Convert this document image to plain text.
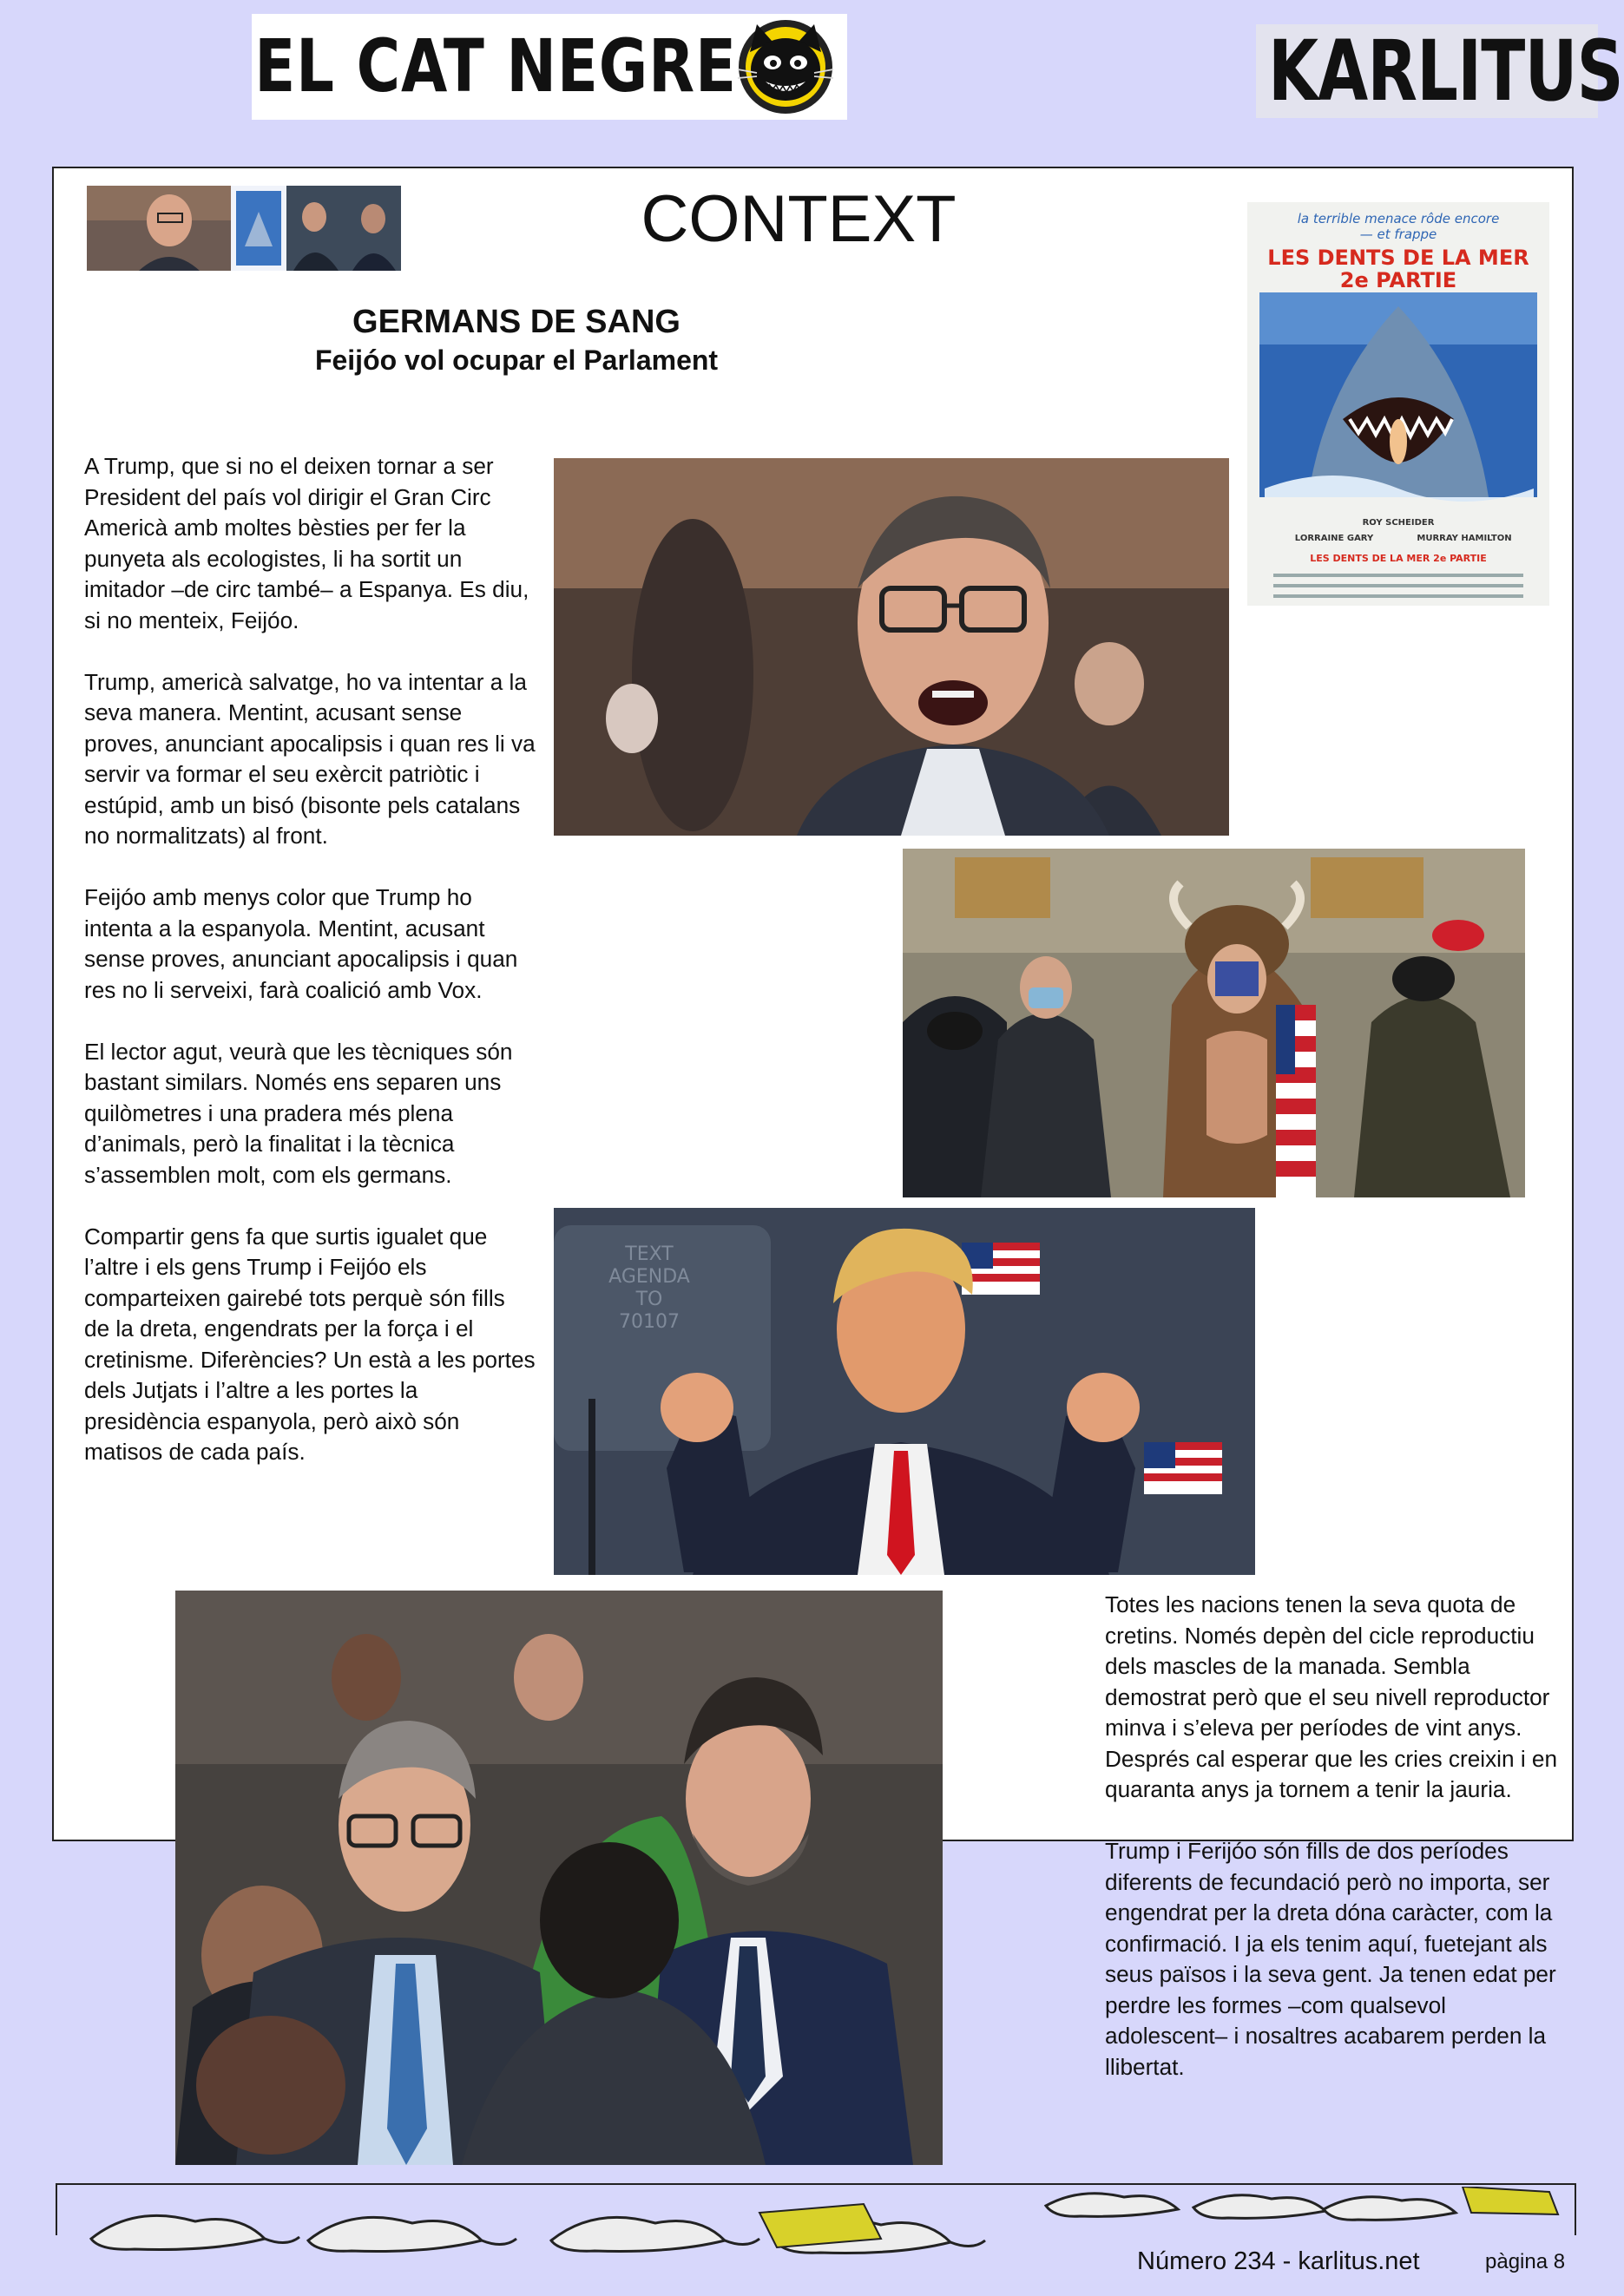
EL CAT NEGRE	KARLITUS
CONTEXT
GERMANS DE SANG
Feijóo vol ocupar el Parlament
la terrible menace rôde encore
— et frappe
LES DENTS DE LA MER
2e PARTIE
ROY SCHEIDER
LORRAINE GARY	MURRAY HAMILTON
LES DENTS DE LA MER 2e PARTIE
TEXT
AGENDA
TO
70107

A Trump, que si no el deixen tornar a ser President del país vol dirigir el Gran Circ Americà amb moltes bèsties per fer la punyeta als ecologistes, li ha sortit un imitador –de circ també– a Espanya. Es diu, si no menteix, Feijóo.

Trump, americà salvatge, ho va intentar a la seva manera. Mentint, acusant sense proves, anunciant apocalipsis i quan res li va servir va formar el seu exèrcit patriòtic i estúpid, amb un bisó (bisonte pels catalans no normalitzats) al front.

Feijóo amb menys color que Trump ho intenta a la espanyola. Mentint, acusant sense proves, anunciant apocalipsis i quan res no li serveixi, farà coalició amb Vox.

El lector agut, veurà que les tècniques són bastant similars. Només ens separen uns quilòmetres i una pradera més plena d’animals, però la finalitat i la tècnica s’assemblen molt, com els germans.

Compartir gens fa que surtis igualet que l’altre i els gens Trump i Feijóo els comparteixen gairebé tots perquè són fills de la dreta, engendrats per la força i el cretinisme. Diferències? Un està a les portes dels Jutjats i l’altre a les portes la presidència espanyola, però això són matisos de cada país.

Totes les nacions tenen la seva quota de cretins. Només depèn del cicle reproductiu dels mascles de la manada. Sembla demostrat però que el seu nivell reproductor minva i s’eleva per períodes de vint anys. Després cal esperar que les cries creixin i en quaranta anys ja tornem a tenir la jauria.

Trump i Ferijóo són fills de dos períodes diferents de fecundació però no importa, ser engendrat per la dreta dóna caràcter, com la confirmació. I ja els tenim aquí, fuetejant als seus països i la seva gent. Ja tenen edat per perdre les formes –com qualsevol adolescent– i nosaltres acabarem perden la llibertat.

Número 234 - karlitus.net	pàgina 8
